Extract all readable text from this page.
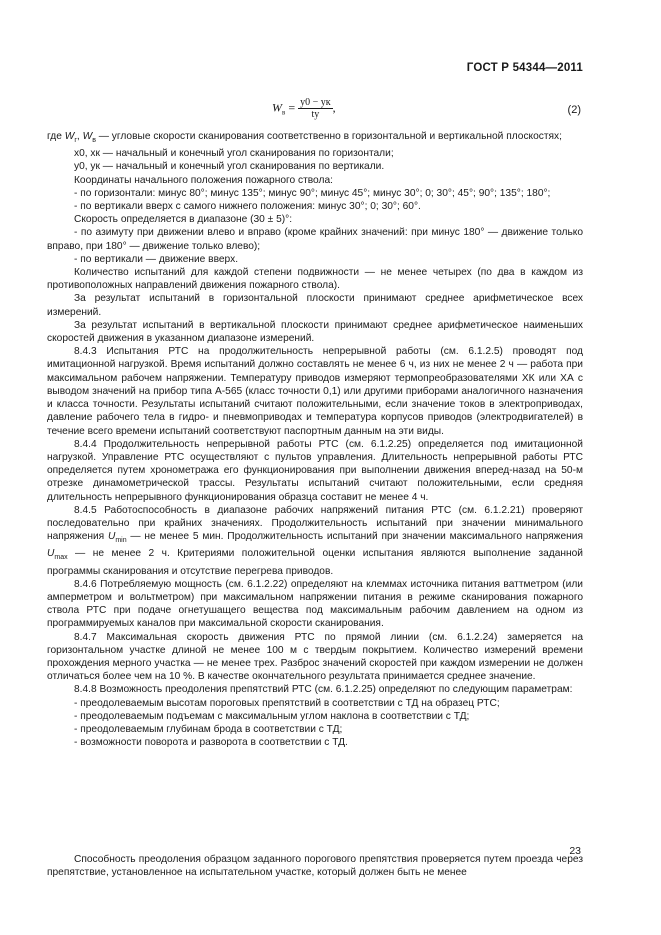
ГОСТ Р 54344—2011
$W_в = \frac{y0 - yк}{ty}$ ,	(2)

где $W_г$, $W_в$ — угловые скорости сканирования соответственно в горизонтальной и вертикальной плоскостях;

x0, xк — начальный и конечный угол сканирования по горизонтали;

y0, yк — начальный и конечный угол сканирования по вертикали.

Координаты начального положения пожарного ствола:

- по горизонтали: минус 80°; минус 135°; минус 90°; минус 45°; минус 30°; 0; 30°; 45°; 90°; 135°; 180°;

- по вертикали вверх с самого нижнего положения: минус 30°; 0; 30°; 60°.

Скорость определяется в диапазоне (30 ± 5)°:

- по азимуту при движении влево и вправо (кроме крайних значений: при минус 180° — движение только вправо, при 180° — движение только влево);

- по вертикали — движение вверх.

Количество испытаний для каждой степени подвижности — не менее четырех (по два в каждом из противоположных направлений движения пожарного ствола).

За результат испытаний в горизонтальной плоскости принимают среднее арифметическое всех измерений.

За результат испытаний в вертикальной плоскости принимают среднее арифметическое наименьших скоростей движения в указанном диапазоне измерений.

8.4.3 Испытания РТС на продолжительность непрерывной работы (см. 6.1.2.5) проводят под имитационной нагрузкой. Время испытаний должно составлять не менее 6 ч, из них не менее 2 ч — работа при максимальном рабочем напряжении. Температуру приводов измеряют термопреобразователями ХК или ХА с выводом значений на прибор типа А-565 (класс точности 0,1) или другими приборами аналогичного назначения и класса точности. Результаты испытаний считают положительными, если значение токов в электроприводах, давление рабочего тела в гидро- и пневмоприводах и температура корпусов приводов (электродвигателей) в течение всего времени испытаний соответствуют паспортным данным на эти виды.

8.4.4 Продолжительность непрерывной работы РТС (см. 6.1.2.25) определяется под имитационной нагрузкой. Управление РТС осуществляют с пультов управления. Длительность непрерывной работы РТС определяется путем хронометража его функционирования при выполнении движения вперед-назад на 50-м отрезке динамометрической трассы. Результаты испытаний считают положительными, если средняя длительность непрерывного функционирования образца составит не менее 4 ч.

8.4.5 Работоспособность в диапазоне рабочих напряжений питания РТС (см. 6.1.2.21) проверяют последовательно при крайних значениях. Продолжительность испытаний при значении минимального напряжения $U_{min}$ — не менее 5 мин. Продолжительность испытаний при значении максимального напряжения $U_{max}$ — не менее 2 ч. Критериями положительной оценки испытания являются выполнение заданной программы сканирования и отсутствие перегрева приводов.

8.4.6 Потребляемую мощность (см. 6.1.2.22) определяют на клеммах источника питания ваттметром (или амперметром и вольтметром) при максимальном напряжении питания в режиме сканирования пожарного ствола РТС при подаче огнетушащего вещества под максимальным рабочим давлением на одном из программируемых каналов при максимальной скорости сканирования.

8.4.7 Максимальная скорость движения РТС по прямой линии (см. 6.1.2.24) замеряется на горизонтальном участке длиной не менее 100 м с твердым покрытием. Количество измерений времени прохождения мерного участка — не менее трех. Разброс значений скоростей при каждом измерении не должен отличаться более чем на 10 %. В качестве окончательного результата принимается среднее значение.

8.4.8 Возможность преодоления препятствий РТС (см. 6.1.2.25) определяют по следующим параметрам:

- преодолеваемым высотам пороговых препятствий в соответствии с ТД на образец РТС;

- преодолеваемым подъемам с максимальным углом наклона в соответствии с ТД;

- преодолеваемым глубинам брода в соответствии с ТД;

- возможности поворота и разворота в соответствии с ТД.

23

Способность преодоления образцом заданного порогового препятствия проверяется путем проезда через препятствие, установленное на испытательном участке, который должен быть не менее
